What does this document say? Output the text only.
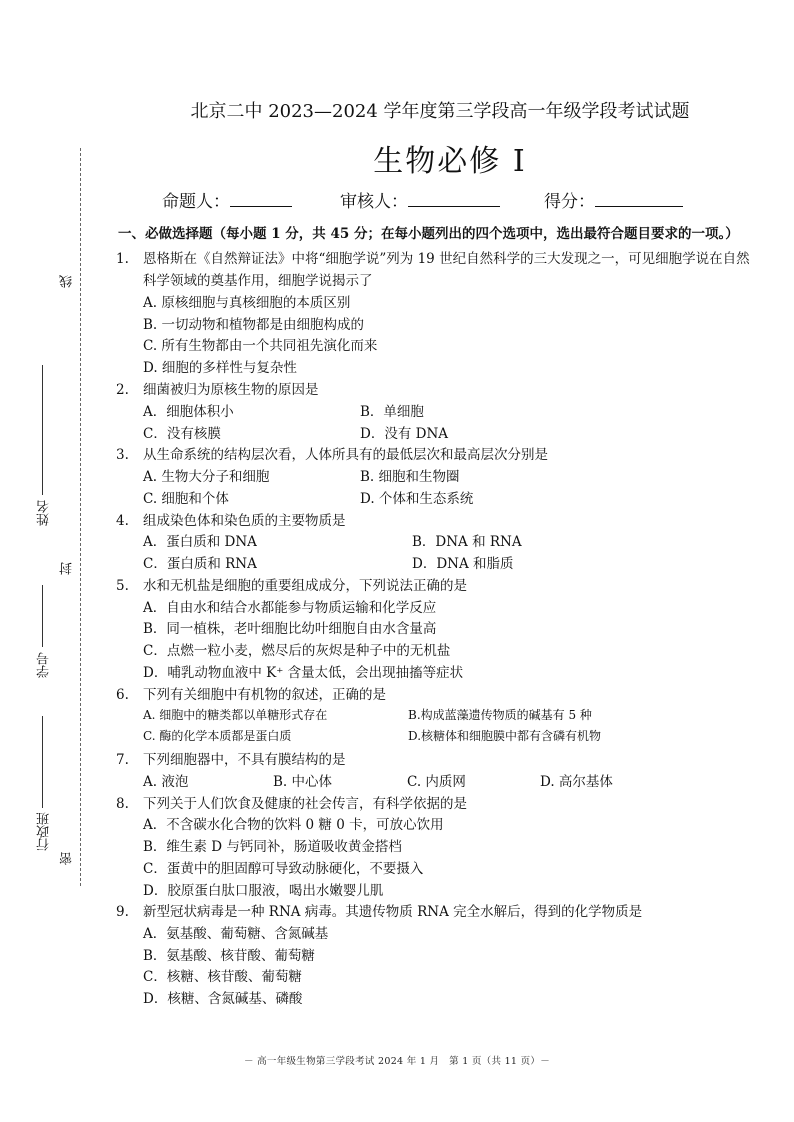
北京二中 2023—2024 学年度第三学段高一年级学段考试试题
生物必修 I
命题人：	审核人：	得分：
线
封
密
姓名
学号
行政班
一、必做选择题（每小题 1 分，共 45 分；在每小题列出的四个选项中，选出最符合题目要求的一项。）
1. 恩格斯在《自然辩证法》中将“细胞学说”列为 19 世纪自然科学的三大发现之一，可见细胞学说在自然
科学领域的奠基作用，细胞学说揭示了
A. 原核细胞与真核细胞的本质区别
B. 一切动物和植物都是由细胞构成的
C. 所有生物都由一个共同祖先演化而来
D. 细胞的多样性与复杂性
2. 细菌被归为原核生物的原因是
A．细胞体积小	B．单细胞
C．没有核膜	D．没有 DNA
3. 从生命系统的结构层次看，人体所具有的最低层次和最高层次分别是
A. 生物大分子和细胞	B. 细胞和生物圈
C. 细胞和个体	D. 个体和生态系统
4. 组成染色体和染色质的主要物质是
A．蛋白质和 DNA	B．DNA 和 RNA
C．蛋白质和 RNA	D．DNA 和脂质
5. 水和无机盐是细胞的重要组成成分，下列说法正确的是
A．自由水和结合水都能参与物质运输和化学反应
B．同一植株，老叶细胞比幼叶细胞自由水含量高
C．点燃一粒小麦，燃尽后的灰烬是种子中的无机盐
D．哺乳动物血液中 K⁺ 含量太低，会出现抽搐等症状
6. 下列有关细胞中有机物的叙述，正确的是
A. 细胞中的糖类都以单糖形式存在	B.构成蓝藻遗传物质的碱基有 5 种
C. 酶的化学本质都是蛋白质	D.核糖体和细胞膜中都有含磷有机物
7. 下列细胞器中，不具有膜结构的是
A. 液泡	B. 中心体	C. 内质网	D. 高尔基体
8. 下列关于人们饮食及健康的社会传言，有科学依据的是
A．不含碳水化合物的饮料 0 糖 0 卡，可放心饮用
B．维生素 D 与钙同补，肠道吸收黄金搭档
C．蛋黄中的胆固醇可导致动脉硬化，不要摄入
D．胶原蛋白肽口服液，喝出水嫩婴儿肌
9. 新型冠状病毒是一种 RNA 病毒。其遗传物质 RNA 完全水解后，得到的化学物质是
A．氨基酸、葡萄糖、含氮碱基
B．氨基酸、核苷酸、葡萄糖
C．核糖、核苷酸、葡萄糖
D．核糖、含氮碱基、磷酸
－ 高一年级生物第三学段考试 2024 年 1 月　第 1 页（共 11 页）－
